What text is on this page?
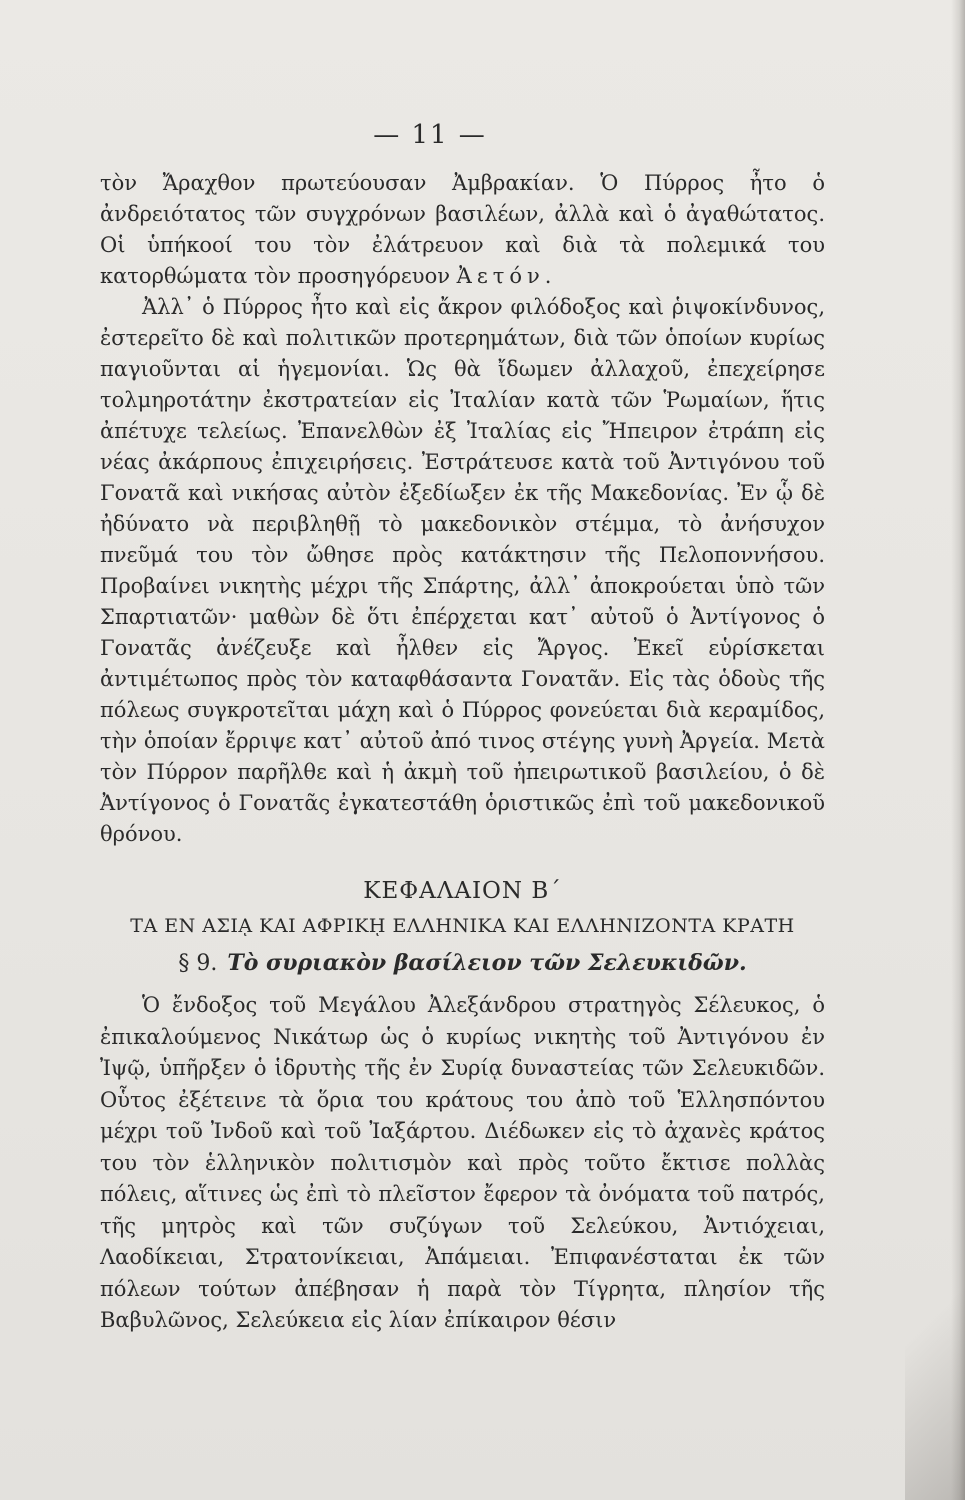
— 11 —

τὸν Ἄραχθον πρωτεύουσαν Ἀμβρακίαν. Ὁ Πύρρος ἦτο ὁ ἀνδρειότατος τῶν συγχρόνων βασιλέων, ἀλλὰ καὶ ὁ ἀγαθώτατος. Οἱ ὑπήκοοί του τὸν ἐλάτρευον καὶ διὰ τὰ πολεμικά του κατορθώματα τὸν προσηγόρευον Ἀετόν.

Ἀλλ᾽ ὁ Πύρρος ἦτο καὶ εἰς ἄκρον φιλόδοξος καὶ ῥιψοκίνδυνος, ἐστερεῖτο δὲ καὶ πολιτικῶν προτερημάτων, διὰ τῶν ὁποίων κυρίως παγιοῦνται αἱ ἡγεμονίαι. Ὡς θὰ ἴδωμεν ἀλλαχοῦ, ἐπεχείρησε τολμηροτάτην ἐκστρατείαν εἰς Ἰταλίαν κατὰ τῶν Ῥωμαίων, ἥτις ἀπέτυχε τελείως. Ἐπανελθὼν ἐξ Ἰταλίας εἰς Ἤπειρον ἐτράπη εἰς νέας ἀκάρπους ἐπιχειρήσεις. Ἐστράτευσε κατὰ τοῦ Ἀντιγόνου τοῦ Γονατᾶ καὶ νικήσας αὐτὸν ἐξεδίωξεν ἐκ τῆς Μακεδονίας. Ἐν ᾧ δὲ ἠδύνατο νὰ περιβληθῇ τὸ μακεδονικὸν στέμμα, τὸ ἀνήσυχον πνεῦμά του τὸν ὤθησε πρὸς κατάκτησιν τῆς Πελοποννήσου. Προβαίνει νικητὴς μέχρι τῆς Σπάρτης, ἀλλ᾽ ἀποκρούεται ὑπὸ τῶν Σπαρτιατῶν· μαθὼν δὲ ὅτι ἐπέρχεται κατ᾽ αὐτοῦ ὁ Ἀντίγονος ὁ Γονατᾶς ἀνέζευξε καὶ ἦλθεν εἰς Ἄργος. Ἐκεῖ εὑρίσκεται ἀντιμέτωπος πρὸς τὸν καταφθάσαντα Γονατᾶν. Εἰς τὰς ὁδοὺς τῆς πόλεως συγκροτεῖται μάχη καὶ ὁ Πύρρος φονεύεται διὰ κεραμίδος, τὴν ὁποίαν ἔρριψε κατ᾽ αὐτοῦ ἀπό τινος στέγης γυνὴ Ἀργεία. Μετὰ τὸν Πύρρον παρῆλθε καὶ ἡ ἀκμὴ τοῦ ἠπειρωτικοῦ βασιλείου, ὁ δὲ Ἀντίγονος ὁ Γονατᾶς ἐγκατεστάθη ὁριστικῶς ἐπὶ τοῦ μακεδονικοῦ θρόνου.

ΚΕΦΑΛΑΙΟΝ Β´
ΤΑ ΕΝ ΑΣΙᾼ ΚΑΙ ΑΦΡΙΚῌ ΕΛΛΗΝΙΚΑ ΚΑΙ ΕΛΛΗΝΙΖΟΝΤΑ ΚΡΑΤΗ
§ 9. Τὸ συριακὸν βασίλειον τῶν Σελευκιδῶν.

Ὁ ἔνδοξος τοῦ Μεγάλου Ἀλεξάνδρου στρατηγὸς Σέλευκος, ὁ ἐπικαλούμενος Νικάτωρ ὡς ὁ κυρίως νικητὴς τοῦ Ἀντιγόνου ἐν Ἰψῷ, ὑπῆρξεν ὁ ἱδρυτὴς τῆς ἐν Συρίᾳ δυναστείας τῶν Σελευκιδῶν. Οὗτος ἐξέτεινε τὰ ὅρια του κράτους του ἀπὸ τοῦ Ἑλλησπόντου μέχρι τοῦ Ἰνδοῦ καὶ τοῦ Ἰαξάρτου. Διέδωκεν εἰς τὸ ἀχανὲς κράτος του τὸν ἑλληνικὸν πολιτισμὸν καὶ πρὸς τοῦτο ἔκτισε πολλὰς πόλεις, αἵτινες ὡς ἐπὶ τὸ πλεῖστον ἔφερον τὰ ὀνόματα τοῦ πατρός, τῆς μητρὸς καὶ τῶν συζύγων τοῦ Σελεύκου, Ἀντιόχειαι, Λαοδίκειαι, Στρατονίκειαι, Ἀπάμειαι. Ἐπιφανέσταται ἐκ τῶν πόλεων τούτων ἀπέβησαν ἡ παρὰ τὸν Τίγρητα, πλησίον τῆς Βαβυλῶνος, Σελεύκεια εἰς λίαν ἐπίκαιρον θέσιν
